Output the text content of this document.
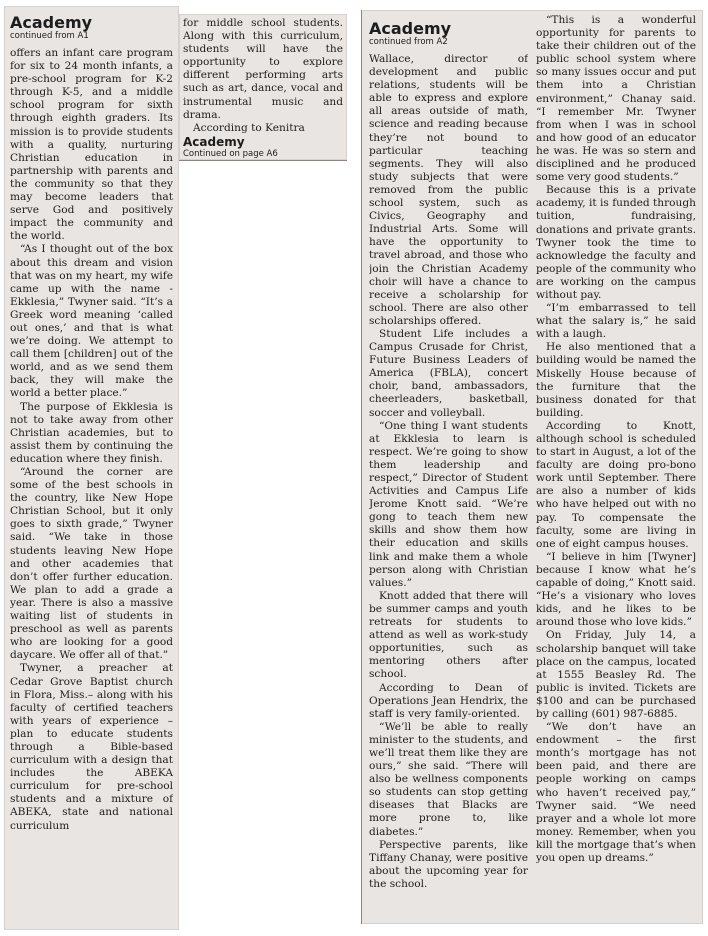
Academy

continued from A1

offers an infant care program for six to 24 month infants, a pre-school program for K-2 through K-5, and a middle school program for sixth through eighth graders. Its mission is to provide students with a quality, nurturing Christian education in partnership with parents and the community so that they may become leaders that serve God and positively impact the community and the world.

“As I thought out of the box about this dream and vision that was on my heart, my wife came up with the name - Ekklesia,” Twyner said. “It’s a Greek word meaning ‘called out ones,’ and that is what we’re doing. We attempt to call them [children] out of the world, and as we send them back, they will make the world a better place.”

The purpose of Ekklesia is not to take away from other Christian academies, but to assist them by continuing the education where they finish.

“Around the corner are some of the best schools in the country, like New Hope Christian School, but it only goes to sixth grade,” Twyner said. “We take in those students leaving New Hope and other academies that don’t offer further education. We plan to add a grade a year. There is also a massive waiting list of students in preschool as well as parents who are looking for a good daycare. We offer all of that.”

Twyner, a preacher at Cedar Grove Baptist church in Flora, Miss.– along with his faculty of certified teachers with years of experience – plan to educate students through a Bible-based curriculum with a design that includes the ABEKA curriculum for pre-school students and a mixture of ABEKA, state and national curriculum

for middle school students. Along with this curriculum, students will have the opportunity to explore different performing arts such as art, dance, vocal and instrumental music and drama.

According to Kenitra

Academy

Continued on page A6

Academy

continued from A2

Wallace, director of development and public relations, students will be able to express and explore all areas outside of math, science and reading because they’re not bound to particular teaching segments. They will also study subjects that were removed from the public school system, such as Civics, Geography and Industrial Arts. Some will have the opportunity to travel abroad, and those who join the Christian Academy choir will have a chance to receive a scholarship for school. There are also other scholarships offered.

Student Life includes a Campus Crusade for Christ, Future Business Leaders of America (FBLA), concert choir, band, ambassadors, cheerleaders, basketball, soccer and volleyball.

“One thing I want students at Ekklesia to learn is respect. We’re going to show them leadership and respect,” Director of Student Activities and Campus Life Jerome Knott said. “We’re gong to teach them new skills and show them how their education and skills link and make them a whole person along with Christian values.”

Knott added that there will be summer camps and youth retreats for students to attend as well as work-study opportunities, such as mentoring others after school.

According to Dean of Operations Jean Hendrix, the staff is very family-oriented.

“We’ll be able to really minister to the students, and we’ll treat them like they are ours,” she said. “There will also be wellness components so students can stop getting diseases that Blacks are more prone to, like diabetes.”

Perspective parents, like Tiffany Chanay, were positive about the upcoming year for the school.

“This is a wonderful opportunity for parents to take their children out of the public school system where so many issues occur and put them into a Christian environment,” Chanay said. “I remember Mr. Twyner from when I was in school and how good of an educator he was. He was so stern and disciplined and he produced some very good students.”

Because this is a private academy, it is funded through tuition, fundraising, donations and private grants. Twyner took the time to acknowledge the faculty and people of the community who are working on the campus without pay.

“I’m embarrassed to tell what the salary is,” he said with a laugh.

He also mentioned that a building would be named the Miskelly House because of the furniture that the business donated for that building.

According to Knott, although school is scheduled to start in August, a lot of the faculty are doing pro-bono work until September. There are also a number of kids who have helped out with no pay. To compensate the faculty, some are living in one of eight campus houses.

“I believe in him [Twyner] because I know what he’s capable of doing,” Knott said. “He’s a visionary who loves kids, and he likes to be around those who love kids.”

On Friday, July 14, a scholarship banquet will take place on the campus, located at 1555 Beasley Rd. The public is invited. Tickets are $100 and can be purchased by calling (601) 987-6885.

“We don’t have an endowment – the first month’s mortgage has not been paid, and there are people working on camps who haven’t received pay,” Twyner said. “We need prayer and a whole lot more money. Remember, when you kill the mortgage that’s when you open up dreams.”
